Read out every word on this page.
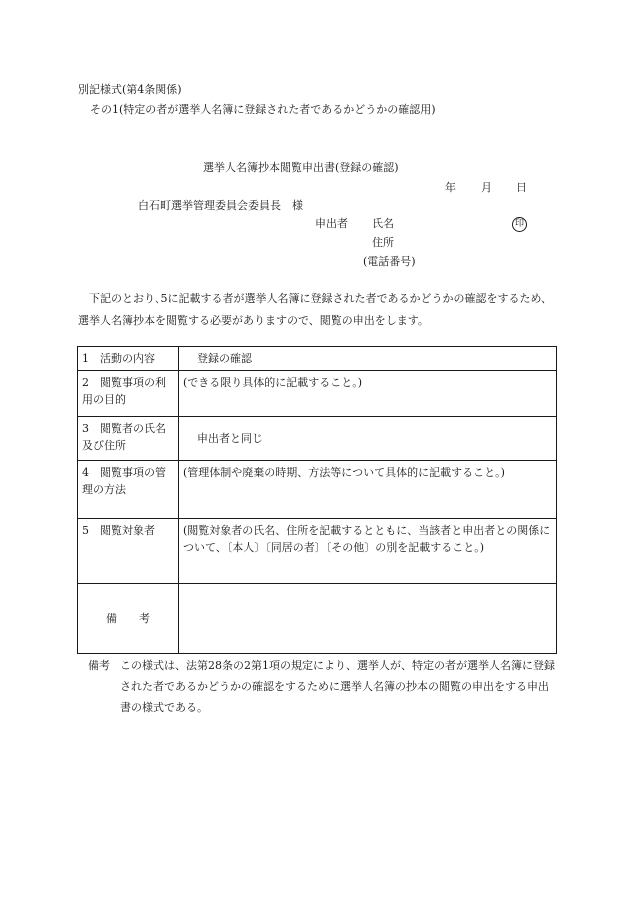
別記様式(第4条関係)
その1(特定の者が選挙人名簿に登録された者であるかどうかの確認用)
選挙人名簿抄本閲覧申出書(登録の確認)
年 月 日
白石町選挙管理委員会委員長　様
申出者 氏名	印
住所
(電話番号)
下記のとおり､5に記載する者が選挙人名簿に登録された者であるかどうかの確認をするため、選挙人名簿抄本を閲覧する必要がありますので、閲覧の申出をします。
1　活動の内容	登録の確認
2　閲覧事項の利用の目的	(できる限り具体的に記載すること。)
3　閲覧者の氏名及び住所	申出者と同じ
4　閲覧事項の管理の方法	(管理体制や廃棄の時期、方法等について具体的に記載すること。)
5　閲覧対象者	(閲覧対象者の氏名、住所を記載するとともに、当該者と申出者との関係について、〔本人〕〔同居の者〕〔その他〕の別を記載すること。)
備　　考	
備考 この様式は、法第28条の2第1項の規定により、選挙人が、特定の者が選挙人名簿に登録された者であるかどうかの確認をするために選挙人名簿の抄本の閲覧の申出をする申出書の様式である。
